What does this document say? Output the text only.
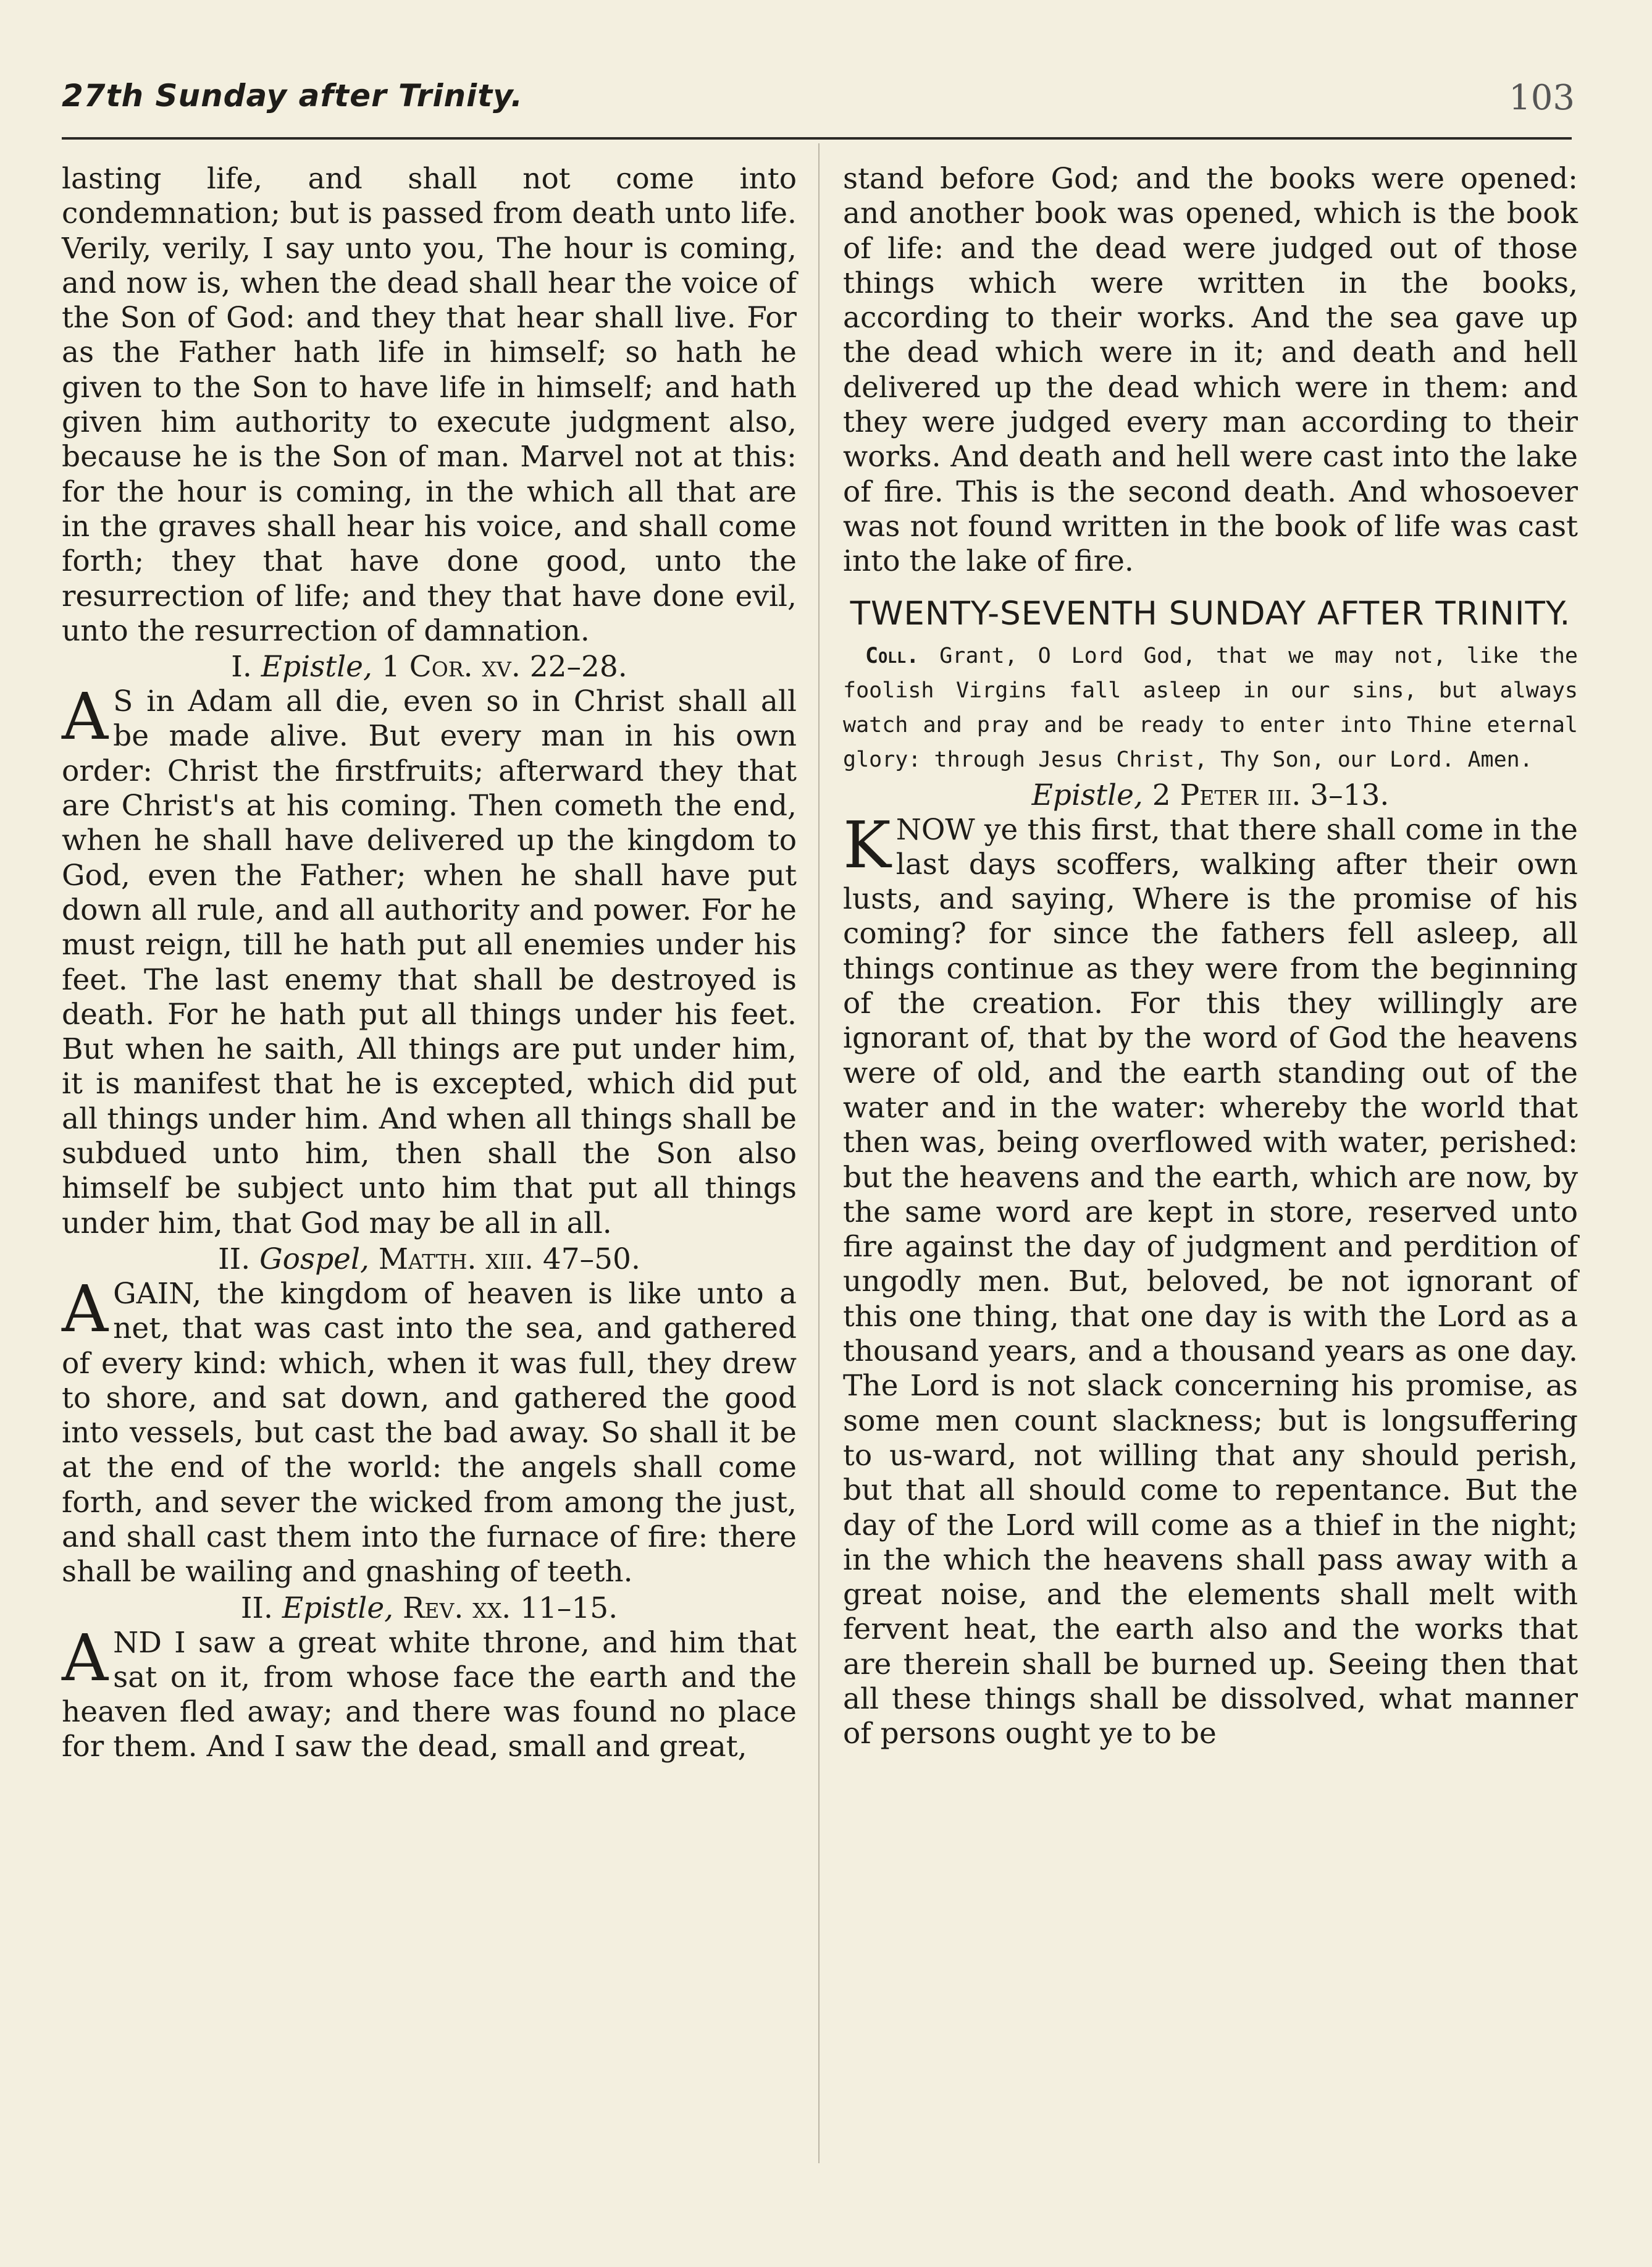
27th Sunday after Trinity.	103

lasting life, and shall not come into condemnation; but is passed from death unto life. Verily, verily, I say unto you, The hour is coming, and now is, when the dead shall hear the voice of the Son of God: and they that hear shall live. For as the Father hath life in himself; so hath he given to the Son to have life in himself; and hath given him authority to execute judgment also, because he is the Son of man. Marvel not at this: for the hour is coming, in the which all that are in the graves shall hear his voice, and shall come forth; they that have done good, unto the resurrection of life; and they that have done evil, unto the resurrection of damnation.

I. Epistle, 1 Cor. xv. 22–28.

A S in Adam all die, even so in Christ shall all be made alive. But every man in his own order: Christ the firstfruits; afterward they that are Christ's at his coming. Then cometh the end, when he shall have delivered up the kingdom to God, even the Father; when he shall have put down all rule, and all authority and power. For he must reign, till he hath put all enemies under his feet. The last enemy that shall be destroyed is death. For he hath put all things under his feet. But when he saith, All things are put under him, it is manifest that he is excepted, which did put all things under him. And when all things shall be subdued unto him, then shall the Son also himself be subject unto him that put all things under him, that God may be all in all.

II. Gospel, Matth. xiii. 47–50.

AGAIN, the kingdom of heaven is like unto a net, that was cast into the sea, and gathered of every kind: which, when it was full, they drew to shore, and sat down, and gathered the good into vessels, but cast the bad away. So shall it be at the end of the world: the angels shall come forth, and sever the wicked from among the just, and shall cast them into the furnace of fire: there shall be wailing and gnashing of teeth.

II. Epistle, Rev. xx. 11–15.

AND I saw a great white throne, and him that sat on it, from whose face the earth and the heaven fled away; and there was found no place for them. And I saw the dead, small and great,

stand before God; and the books were opened: and another book was opened, which is the book of life: and the dead were judged out of those things which were written in the books, according to their works. And the sea gave up the dead which were in it; and death and hell delivered up the dead which were in them: and they were judged every man according to their works. And death and hell were cast into the lake of fire. This is the second death. And whosoever was not found written in the book of life was cast into the lake of fire.

TWENTY-SEVENTH SUNDAY AFTER TRINITY.

Coll. Grant, O Lord God, that we may not, like the foolish Virgins fall asleep in our sins, but always watch and pray and be ready to enter into Thine eternal glory: through Jesus Christ, Thy Son, our Lord. Amen.

Epistle, 2 Peter iii. 3–13.

KNOW ye this first, that there shall come in the last days scoffers, walking after their own lusts, and saying, Where is the promise of his coming? for since the fathers fell asleep, all things continue as they were from the beginning of the creation. For this they willingly are ignorant of, that by the word of God the heavens were of old, and the earth standing out of the water and in the water: whereby the world that then was, being overflowed with water, perished: but the heavens and the earth, which are now, by the same word are kept in store, reserved unto fire against the day of judgment and perdition of ungodly men. But, beloved, be not ignorant of this one thing, that one day is with the Lord as a thousand years, and a thousand years as one day. The Lord is not slack concerning his promise, as some men count slackness; but is longsuffering to us-ward, not willing that any should perish, but that all should come to repentance. But the day of the Lord will come as a thief in the night; in the which the heavens shall pass away with a great noise, and the elements shall melt with fervent heat, the earth also and the works that are therein shall be burned up. Seeing then that all these things shall be dissolved, what manner of persons ought ye to be
